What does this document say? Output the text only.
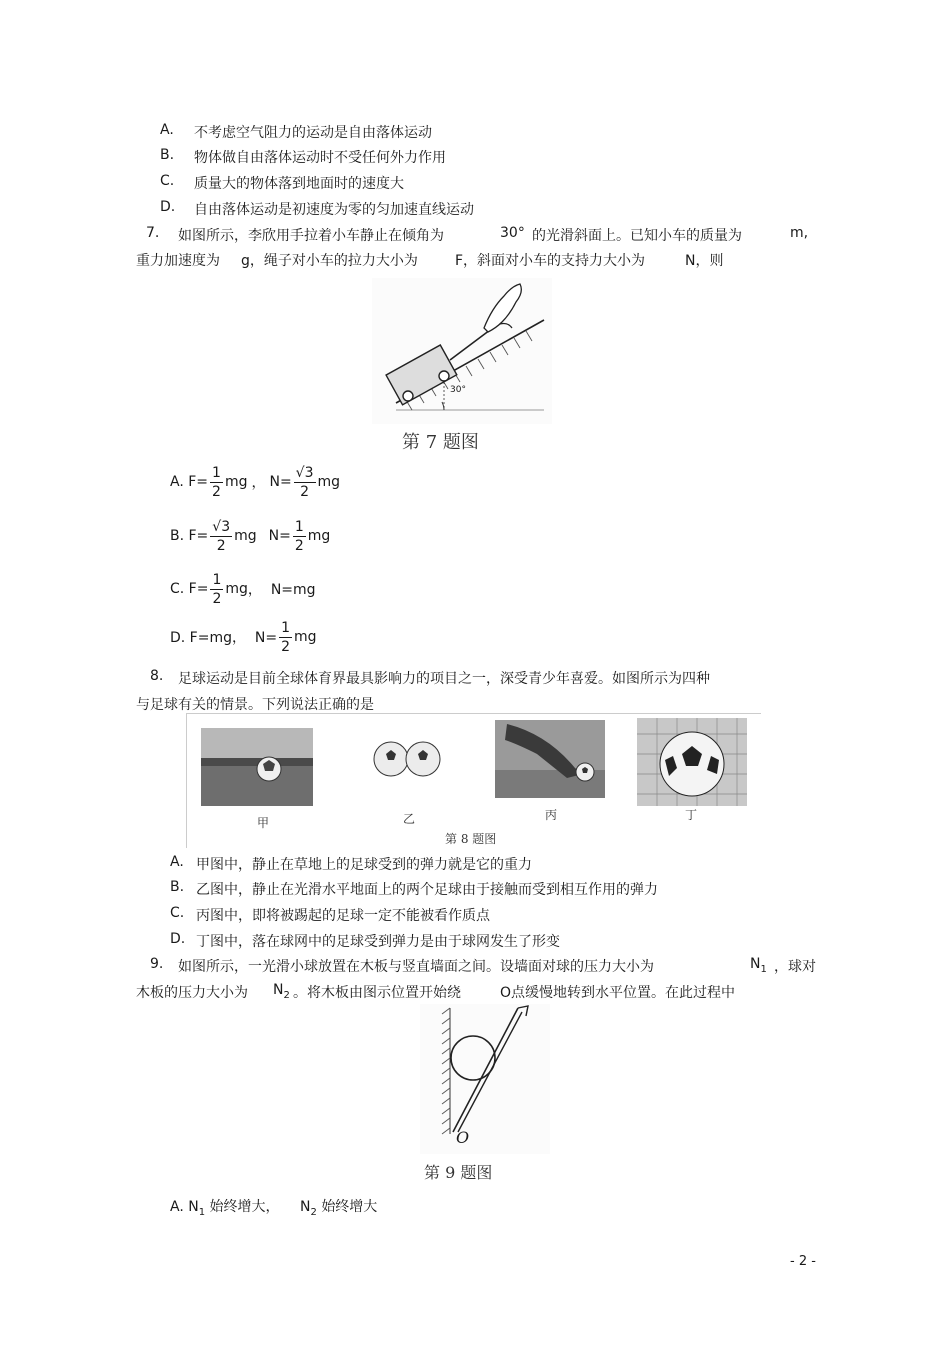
A. 不考虑空气阻力的运动是自由落体运动
B. 物体做自由落体运动时不受任何外力作用
C. 质量大的物体落到地面时的速度大
D. 自由落体运动是初速度为零的匀加速直线运动
7. 如图所示，李欣用手拉着小车静止在倾角为	30° 的光滑斜面上。已知小车的质量为	m,
重力加速度为 g，绳子对小车的拉力大小为	F，斜面对小车的支持力大小为	N，则
30°
第 7 题图
A. $F= \frac{1}{2}$ mg ， $N= \frac{√3}{2}$ mg
B. $F= \frac{√3}{2}$ mg $N= \frac{1}{2}$ mg
C. $F= \frac{1}{2}$ mg ，  N=mg
D. F=mg，  $N= \frac{1}{2}$ mg
8. 足球运动是目前全球体育界最具影响力的项目之一，深受青少年喜爱。如图所示为四种
与足球有关的情景。下列说法正确的是
甲	乙	丙	丁
第 8 题图
A. 甲图中，静止在草地上的足球受到的弹力就是它的重力
B. 乙图中，静止在光滑水平地面上的两个足球由于接触而受到相互作用的弹力
C. 丙图中，即将被踢起的足球一定不能被看作质点
D. 丁图中，落在球网中的足球受到弹力是由于球网发生了形变
9. 如图所示，一光滑小球放置在木板与竖直墙面之间。设墙面对球的压力大小为	$N_1$ ，球对
木板的压力大小为 $N_2$ 。将木板由图示位置开始绕	O点缓慢地转到水平位置。在此过程中
O
第 9 题图
A. $N_1$ 始终增大， $N_2$ 始终增大
- 2 -
